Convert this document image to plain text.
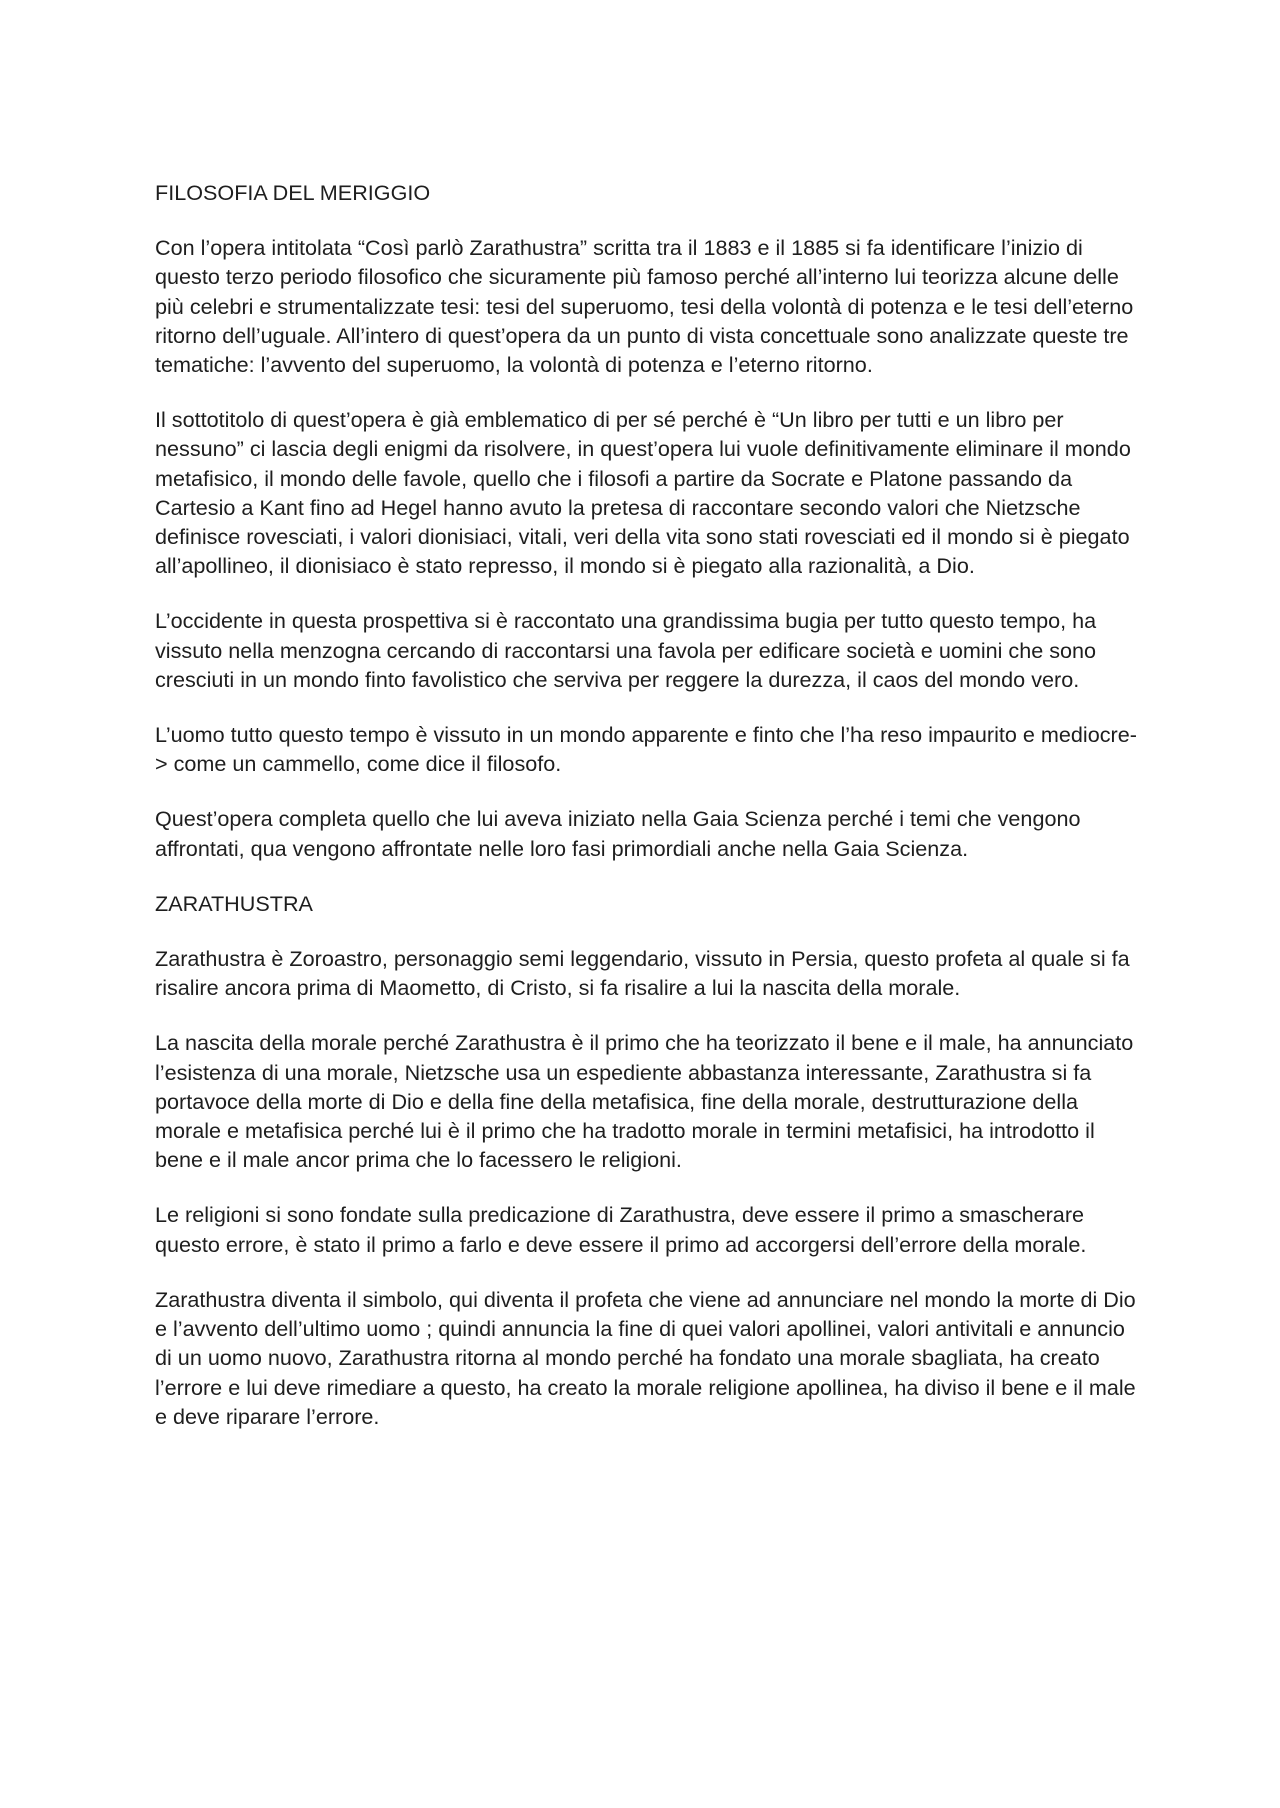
FILOSOFIA DEL MERIGGIO

Con l’opera intitolata “Così parlò Zarathustra” scritta tra il 1883 e il 1885 si fa identificare l’inizio di questo terzo periodo filosofico che sicuramente più famoso perché all’interno lui teorizza alcune delle più celebri e strumentalizzate tesi: tesi del superuomo, tesi della volontà di potenza e le tesi dell’eterno ritorno dell’uguale. All’intero di quest’opera da un punto di vista concettuale sono analizzate queste tre tematiche: l’avvento del superuomo, la volontà di potenza e l’eterno ritorno.

Il sottotitolo di quest’opera è già emblematico di per sé perché è “Un libro per tutti e un libro per nessuno” ci lascia degli enigmi da risolvere, in quest’opera lui vuole definitivamente eliminare il mondo metafisico, il mondo delle favole, quello che i filosofi a partire da Socrate e Platone passando da Cartesio a Kant fino ad Hegel hanno avuto la pretesa di raccontare secondo valori che Nietzsche definisce rovesciati, i valori dionisiaci, vitali, veri della vita sono stati rovesciati ed il mondo si è piegato all’apollineo, il dionisiaco è stato represso, il mondo si è piegato alla razionalità, a Dio.

L’occidente in questa prospettiva si è raccontato una grandissima bugia per tutto questo tempo, ha vissuto nella menzogna cercando di raccontarsi una favola per edificare società e uomini che sono cresciuti in un mondo finto favolistico che serviva per reggere la durezza, il caos del mondo vero.

L’uomo tutto questo tempo è vissuto in un mondo apparente e finto che l’ha reso impaurito e mediocre-> come un cammello, come dice il filosofo.

Quest’opera completa quello che lui aveva iniziato nella Gaia Scienza perché i temi che vengono affrontati, qua vengono affrontate nelle loro fasi primordiali anche nella Gaia Scienza.

ZARATHUSTRA

Zarathustra è Zoroastro, personaggio semi leggendario, vissuto in Persia, questo profeta al quale si fa risalire ancora prima di Maometto, di Cristo, si fa risalire a lui la nascita della morale.

La nascita della morale perché Zarathustra è il primo che ha teorizzato il bene e il male, ha annunciato l’esistenza di una morale, Nietzsche usa un espediente abbastanza interessante, Zarathustra si fa portavoce della morte di Dio e della fine della metafisica, fine della morale, destrutturazione della morale e metafisica perché lui è il primo che ha tradotto morale in termini metafisici, ha introdotto il bene e il male ancor prima che lo facessero le religioni.

Le religioni si sono fondate sulla predicazione di Zarathustra, deve essere il primo a smascherare questo errore, è stato il primo a farlo e deve essere il primo ad accorgersi dell’errore della morale.

Zarathustra diventa il simbolo, qui diventa il profeta che viene ad annunciare nel mondo la morte di Dio e l’avvento dell’ultimo uomo ; quindi annuncia la fine di quei valori apollinei, valori antivitali e annuncio di un uomo nuovo, Zarathustra ritorna al mondo perché ha fondato una morale sbagliata, ha creato l’errore e lui deve rimediare a questo, ha creato la morale religione apollinea, ha diviso il bene e il male e deve riparare l’errore.
